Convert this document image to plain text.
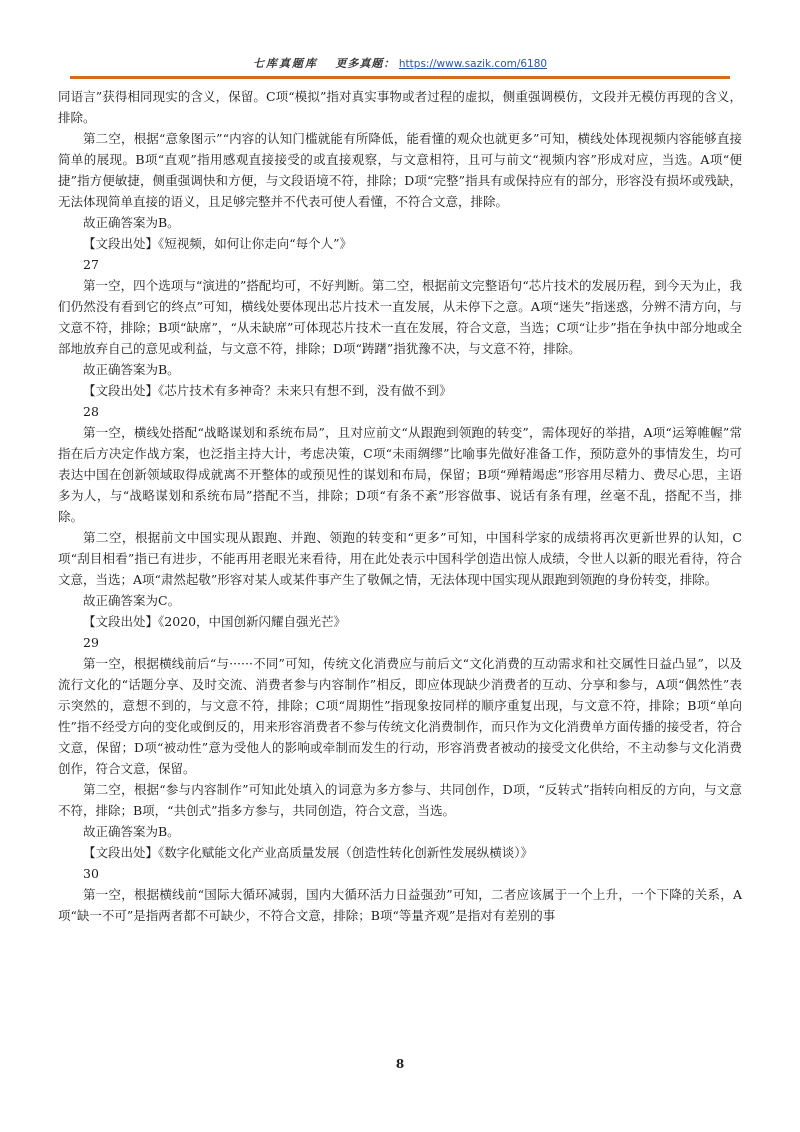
七库真题库 更多真题： https://www.sazik.com/6180

同语言”获得相同现实的含义，保留。C项“模拟”指对真实事物或者过程的虚拟，侧重强调模仿，文段并无模仿再现的含义，排除。

第二空，根据“意象图示”“内容的认知门槛就能有所降低，能看懂的观众也就更多”可知，横线处体现视频内容能够直接简单的展现。B项“直观”指用感观直接接受的或直接观察，与文意相符，且可与前文“视频内容”形成对应，当选。A项“便捷”指方便敏捷，侧重强调快和方便，与文段语境不符，排除；D项“完整”指具有或保持应有的部分，形容没有损坏或残缺，无法体现简单直接的语义，且足够完整并不代表可使人看懂，不符合文意，排除。

故正确答案为B。

【文段出处】《短视频，如何让你走向“每个人”》

27

第一空，四个选项与“演进的”搭配均可，不好判断。第二空，根据前文完整语句“芯片技术的发展历程，到今天为止，我们仍然没有看到它的终点”可知，横线处要体现出芯片技术一直发展，从未停下之意。A项“迷失”指迷惑，分辨不清方向，与文意不符，排除；B项“缺席”，“从未缺席”可体现芯片技术一直在发展，符合文意，当选；C项“让步”指在争执中部分地或全部地放弃自己的意见或利益，与文意不符，排除；D项“踌躇”指犹豫不决，与文意不符，排除。

故正确答案为B。

【文段出处】《芯片技术有多神奇？未来只有想不到，没有做不到》

28

第一空，横线处搭配“战略谋划和系统布局”，且对应前文“从跟跑到领跑的转变”，需体现好的举措，A项“运筹帷幄”常指在后方决定作战方案，也泛指主持大计，考虑决策，C项“未雨绸缪”比喻事先做好准备工作，预防意外的事情发生，均可表达中国在创新领域取得成就离不开整体的或预见性的谋划和布局，保留；B项“殚精竭虑”形容用尽精力、费尽心思，主语多为人，与“战略谋划和系统布局”搭配不当，排除；D项“有条不紊”形容做事、说话有条有理，丝毫不乱，搭配不当，排除。

第二空，根据前文中国实现从跟跑、并跑、领跑的转变和“更多”可知，中国科学家的成绩将再次更新世界的认知，C项“刮目相看”指已有进步，不能再用老眼光来看待，用在此处表示中国科学创造出惊人成绩，令世人以新的眼光看待，符合文意，当选；A项“肃然起敬”形容对某人或某件事产生了敬佩之情，无法体现中国实现从跟跑到领跑的身份转变，排除。

故正确答案为C。

【文段出处】《2020，中国创新闪耀自强光芒》

29

第一空，根据横线前后“与······不同”可知，传统文化消费应与前后文“文化消费的互动需求和社交属性日益凸显”，以及流行文化的“话题分享、及时交流、消费者参与内容制作”相反，即应体现缺少消费者的互动、分享和参与，A项“偶然性”表示突然的，意想不到的，与文意不符，排除；C项“周期性”指现象按同样的顺序重复出现，与文意不符，排除；B项“单向性”指不经受方向的变化或倒反的，用来形容消费者不参与传统文化消费制作，而只作为文化消费单方面传播的接受者，符合文意，保留；D项“被动性”意为受他人的影响或牵制而发生的行动，形容消费者被动的接受文化供给，不主动参与文化消费创作，符合文意，保留。

第二空，根据“参与内容制作”可知此处填入的词意为多方参与、共同创作，D项，“反转式”指转向相反的方向，与文意不符，排除；B项，“共创式”指多方参与，共同创造，符合文意，当选。

故正确答案为B。

【文段出处】《数字化赋能文化产业高质量发展（创造性转化创新性发展纵横谈）》

30

第一空，根据横线前“国际大循环减弱，国内大循环活力日益强劲”可知，二者应该属于一个上升，一个下降的关系，A项“缺一不可”是指两者都不可缺少，不符合文意，排除；B项“等量齐观”是指对有差别的事

8
